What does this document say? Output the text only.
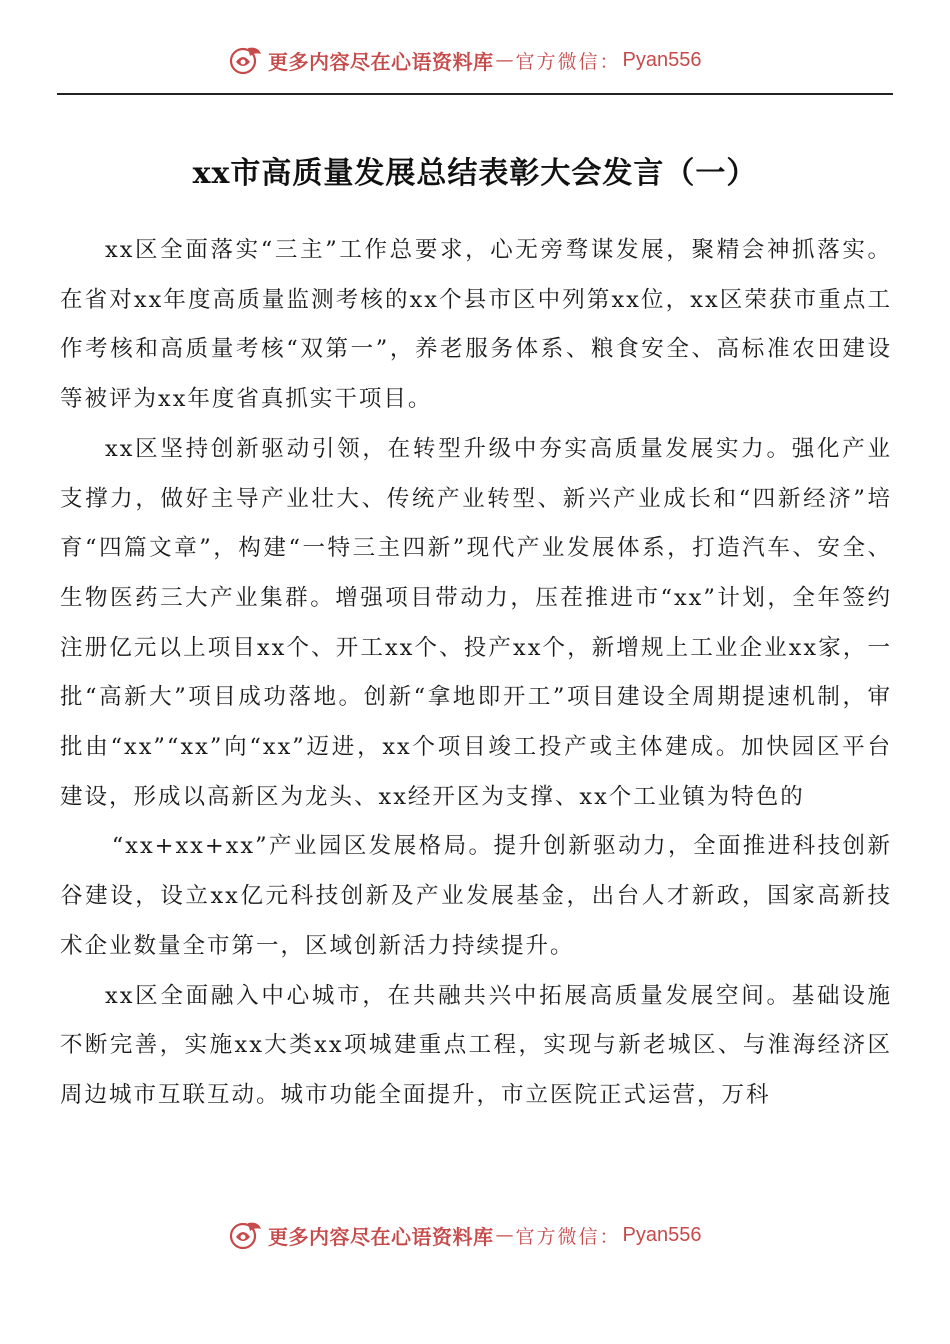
更多内容尽在心语资料库 — 官方微信： Pyan556
xx市高质量发展总结表彰大会发言（一）

xx区全面落实“三主”工作总要求，心无旁骛谋发展，聚精会神抓落实。在省对xx年度高质量监测考核的xx个县市区中列第xx位，xx区荣获市重点工作考核和高质量考核“双第一”，养老服务体系、粮食安全、高标准农田建设等被评为xx年度省真抓实干项目。

xx区坚持创新驱动引领，在转型升级中夯实高质量发展实力。强化产业支撑力，做好主导产业壮大、传统产业转型、新兴产业成长和“四新经济”培育“四篇文章”，构建“一特三主四新”现代产业发展体系，打造汽车、安全、生物医药三大产业集群。增强项目带动力，压茬推进市“xx”计划，全年签约注册亿元以上项目xx个、开工xx个、投产xx个，新增规上工业企业xx家，一批“高新大”项目成功落地。创新“拿地即开工”项目建设全周期提速机制，审批由“xx”“xx”向“xx”迈进，xx个项目竣工投产或主体建成。加快园区平台建设，形成以高新区为龙头、xx经开区为支撑、xx个工业镇为特色的

“xx+xx+xx”产业园区发展格局。提升创新驱动力，全面推进科技创新谷建设，设立xx亿元科技创新及产业发展基金，出台人才新政，国家高新技术企业数量全市第一，区域创新活力持续提升。

xx区全面融入中心城市，在共融共兴中拓展高质量发展空间。基础设施不断完善，实施xx大类xx项城建重点工程，实现与新老城区、与淮海经济区周边城市互联互动。城市功能全面提升，市立医院正式运营，万科

更多内容尽在心语资料库 — 官方微信： Pyan556
